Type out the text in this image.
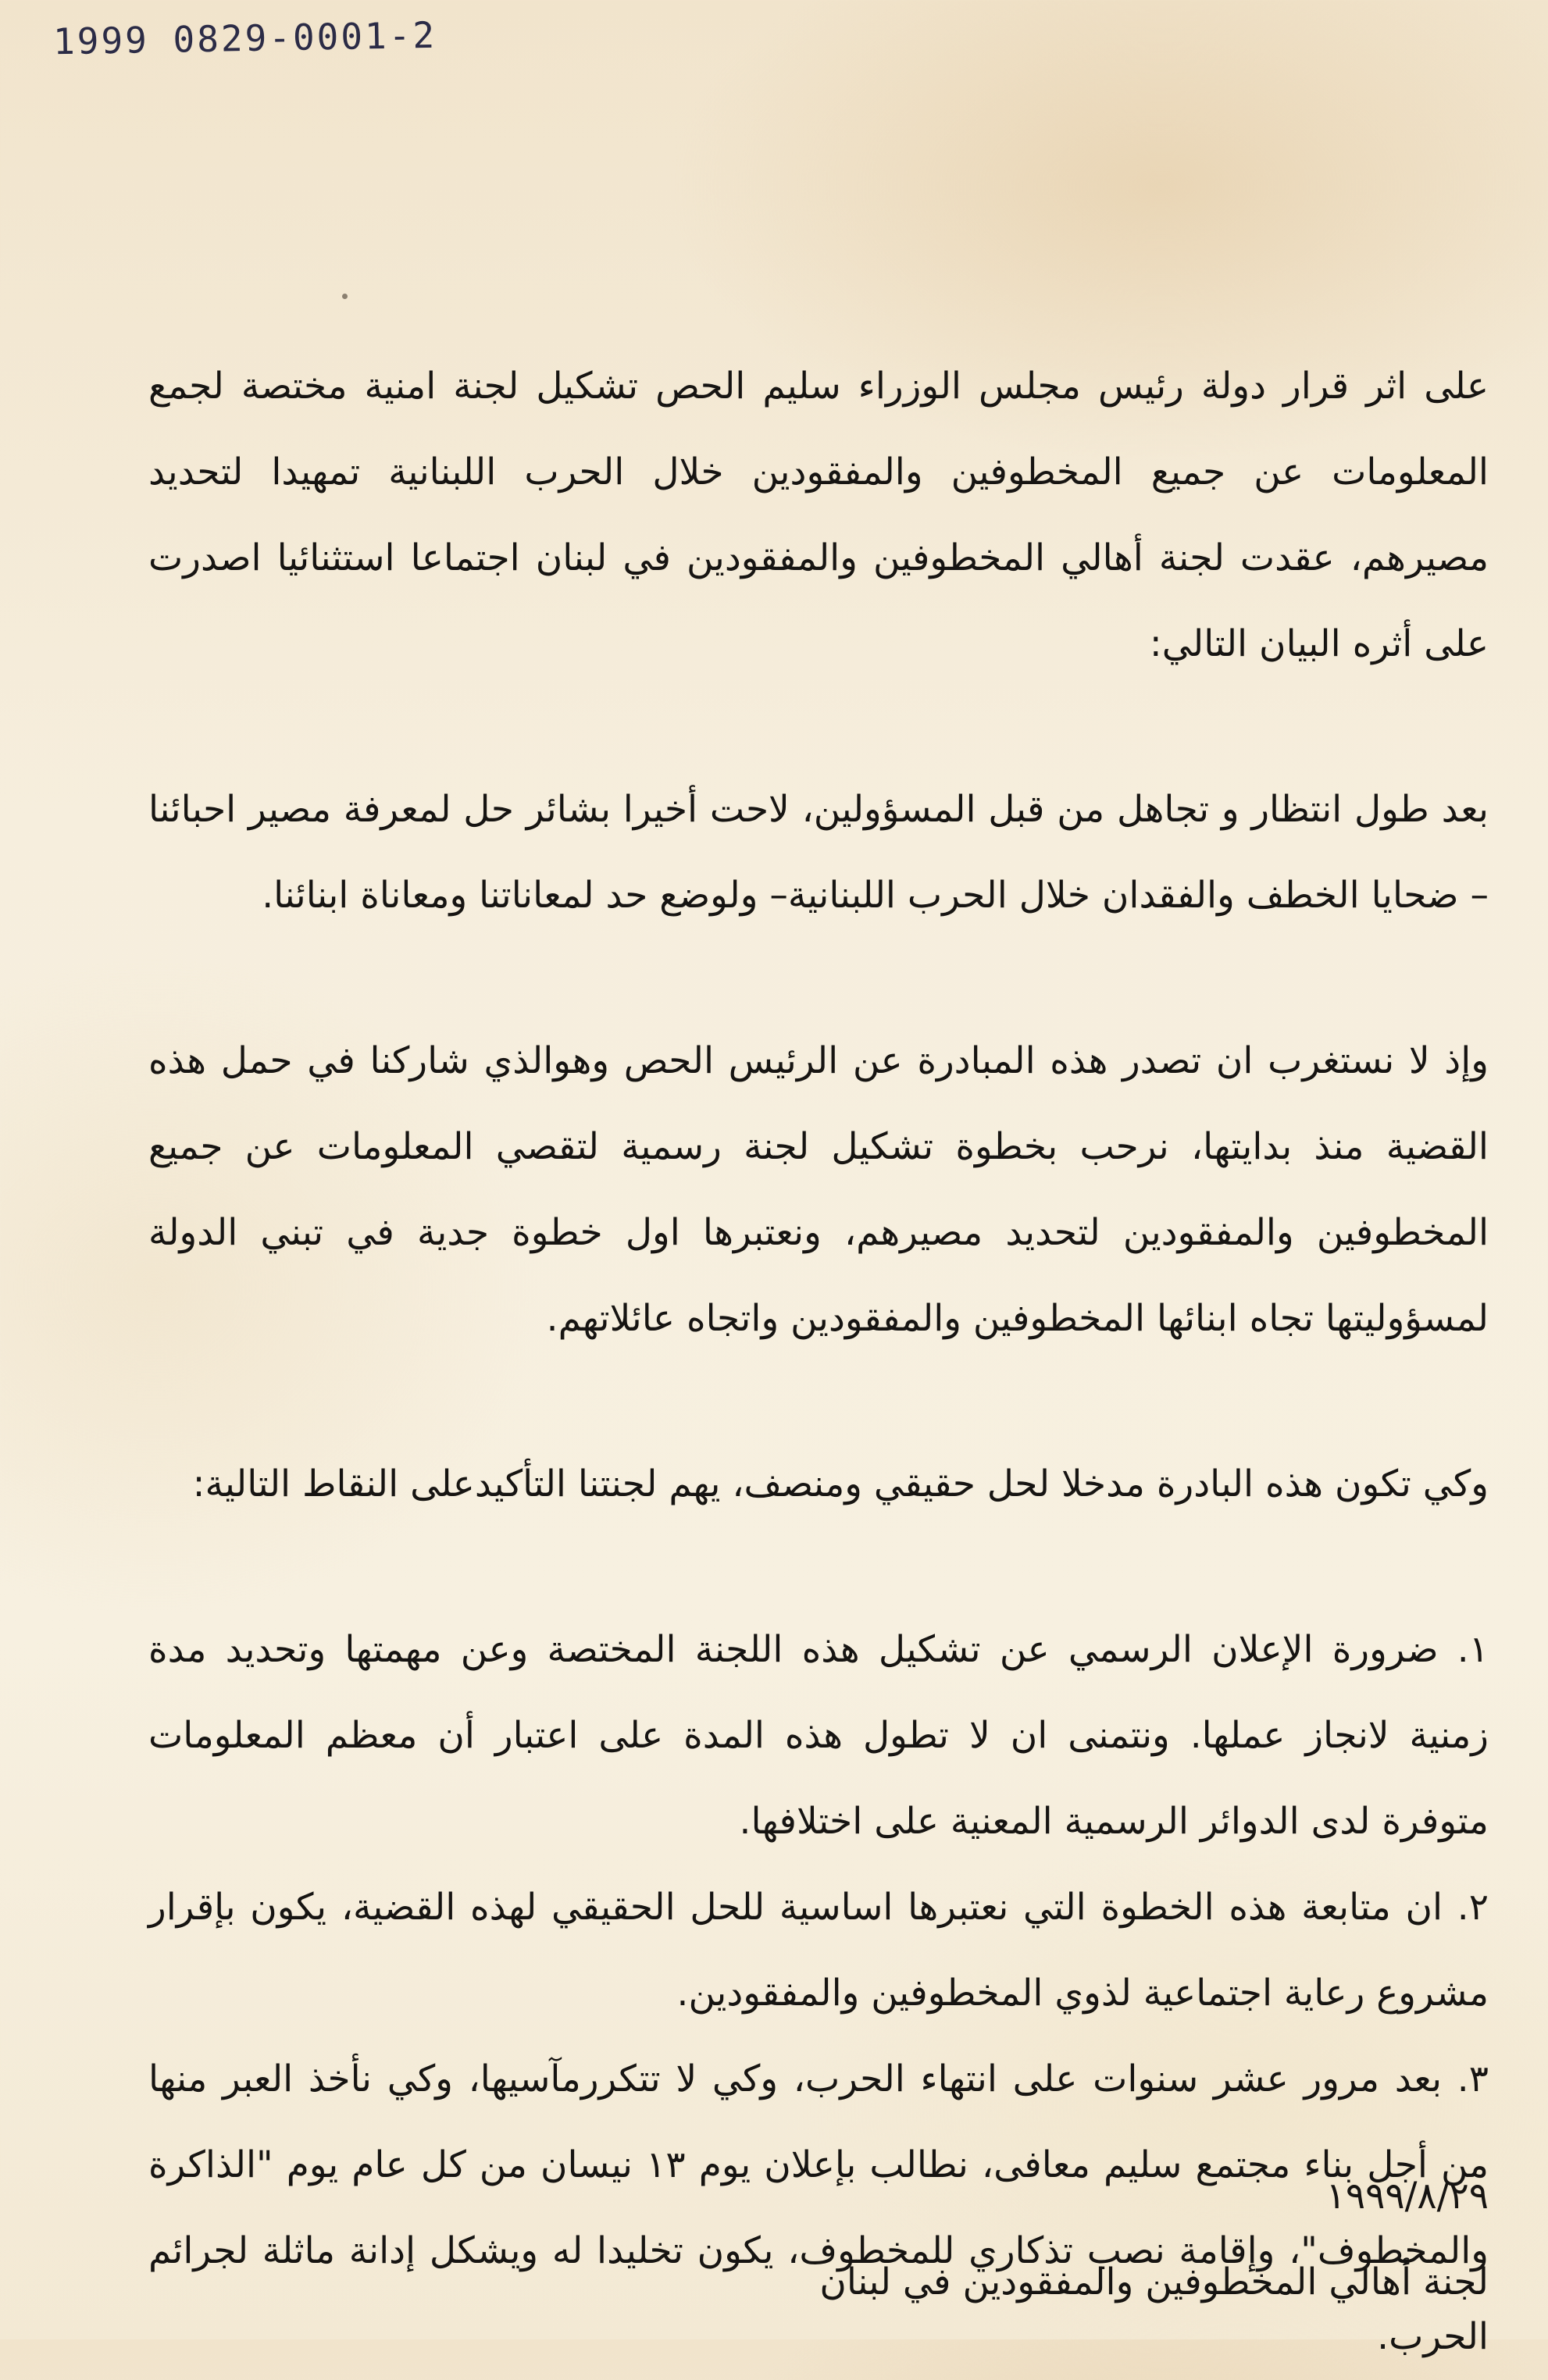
1999 0829-0001-2

على اثر قرار دولة رئيس مجلس الوزراء سليم الحص تشكيل لجنة امنية مختصة لجمع المعلومات عن جميع المخطوفين والمفقودين خلال الحرب اللبنانية تمهيدا لتحديد مصيرهم، عقدت لجنة أهالي المخطوفين والمفقودين في لبنان اجتماعا استثنائيا اصدرت على أثره البيان التالي:

بعد طول انتظار و تجاهل من قبل المسؤولين، لاحت أخيرا بشائر حل لمعرفة مصير احبائنا – ضحايا الخطف والفقدان خلال الحرب اللبنانية– ولوضع حد لمعاناتنا ومعاناة ابنائنا.

وإذ لا نستغرب ان تصدر هذه المبادرة عن الرئيس الحص وهوالذي شاركنا في حمل هذه القضية منذ بدايتها، نرحب بخطوة تشكيل لجنة رسمية لتقصي المعلومات عن جميع المخطوفين والمفقودين لتحديد مصيرهم، ونعتبرها اول خطوة جدية في تبني الدولة لمسؤوليتها تجاه ابنائها المخطوفين والمفقودين واتجاه عائلاتهم.

وكي تكون هذه البادرة مدخلا لحل حقيقي ومنصف، يهم لجنتنا التأكيدعلى النقاط التالية:

١. ضرورة الإعلان الرسمي عن تشكيل هذه اللجنة المختصة وعن مهمتها وتحديد مدة زمنية لانجاز عملها. ونتمنى ان لا تطول هذه المدة على اعتبار أن معظم المعلومات متوفرة لدى الدوائر الرسمية المعنية على اختلافها.
٢. ان متابعة هذه الخطوة التي نعتبرها اساسية للحل الحقيقي لهذه القضية، يكون بإقرار مشروع رعاية اجتماعية لذوي المخطوفين والمفقودين.
٣. بعد مرور عشر سنوات على انتهاء الحرب، وكي لا تتكررمآسيها، وكي نأخذ العبر منها من أجل بناء مجتمع سليم معافى، نطالب بإعلان يوم ١٣ نيسان من كل عام يوم "الذاكرة والمخطوف"، وإقامة نصب تذكاري للمخطوف، يكون تخليدا له ويشكل إدانة ماثلة لجرائم الحرب.
١٩٩٩/٨/٢٩
لجنة أهالي المخطوفين والمفقودين في لبنان
